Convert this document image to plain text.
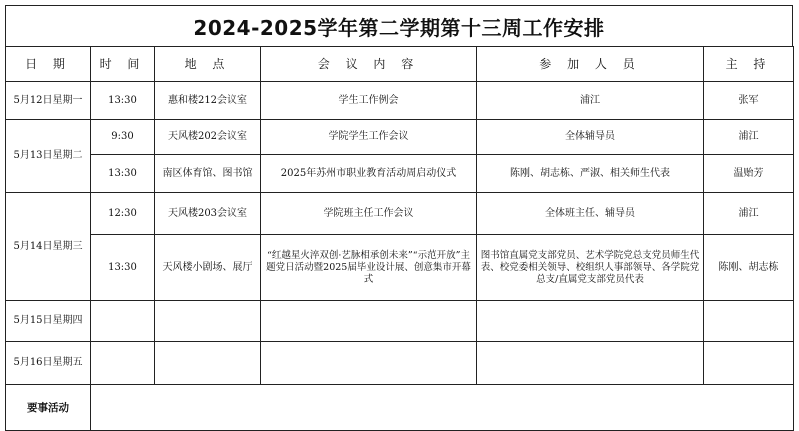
2024-2025学年第二学期第十三周工作安排
日 期	时 间	地 点	会 议 内 容	参 加 人 员	主 持
5月12日星期一	13:30	惠和楼212会议室	学生工作例会	浦江	张军
5月13日星期二	9:30	天风楼202会议室	学院学生工作会议	全体辅导员	浦江
	13:30	南区体育馆、图书馆	2025年苏州市职业教育活动周启动仪式	陈刚、胡志栋、严淑、相关师生代表	温贻芳
5月14日星期三	12:30	天风楼203会议室	学院班主任工作会议	全体班主任、辅导员	浦江
	13:30	天风楼小剧场、展厅	“红越星火淬双创·艺脉相承创未来”“示范开放”主题党日活动暨2025届毕业设计展、创意集市开幕式	图书馆直属党支部党员、艺术学院党总支党员师生代表、校党委相关领导、校组织人事部领导、各学院党总支/直属党支部党员代表	陈刚、胡志栋
5月15日星期四					
5月16日星期五					
要事活动					
